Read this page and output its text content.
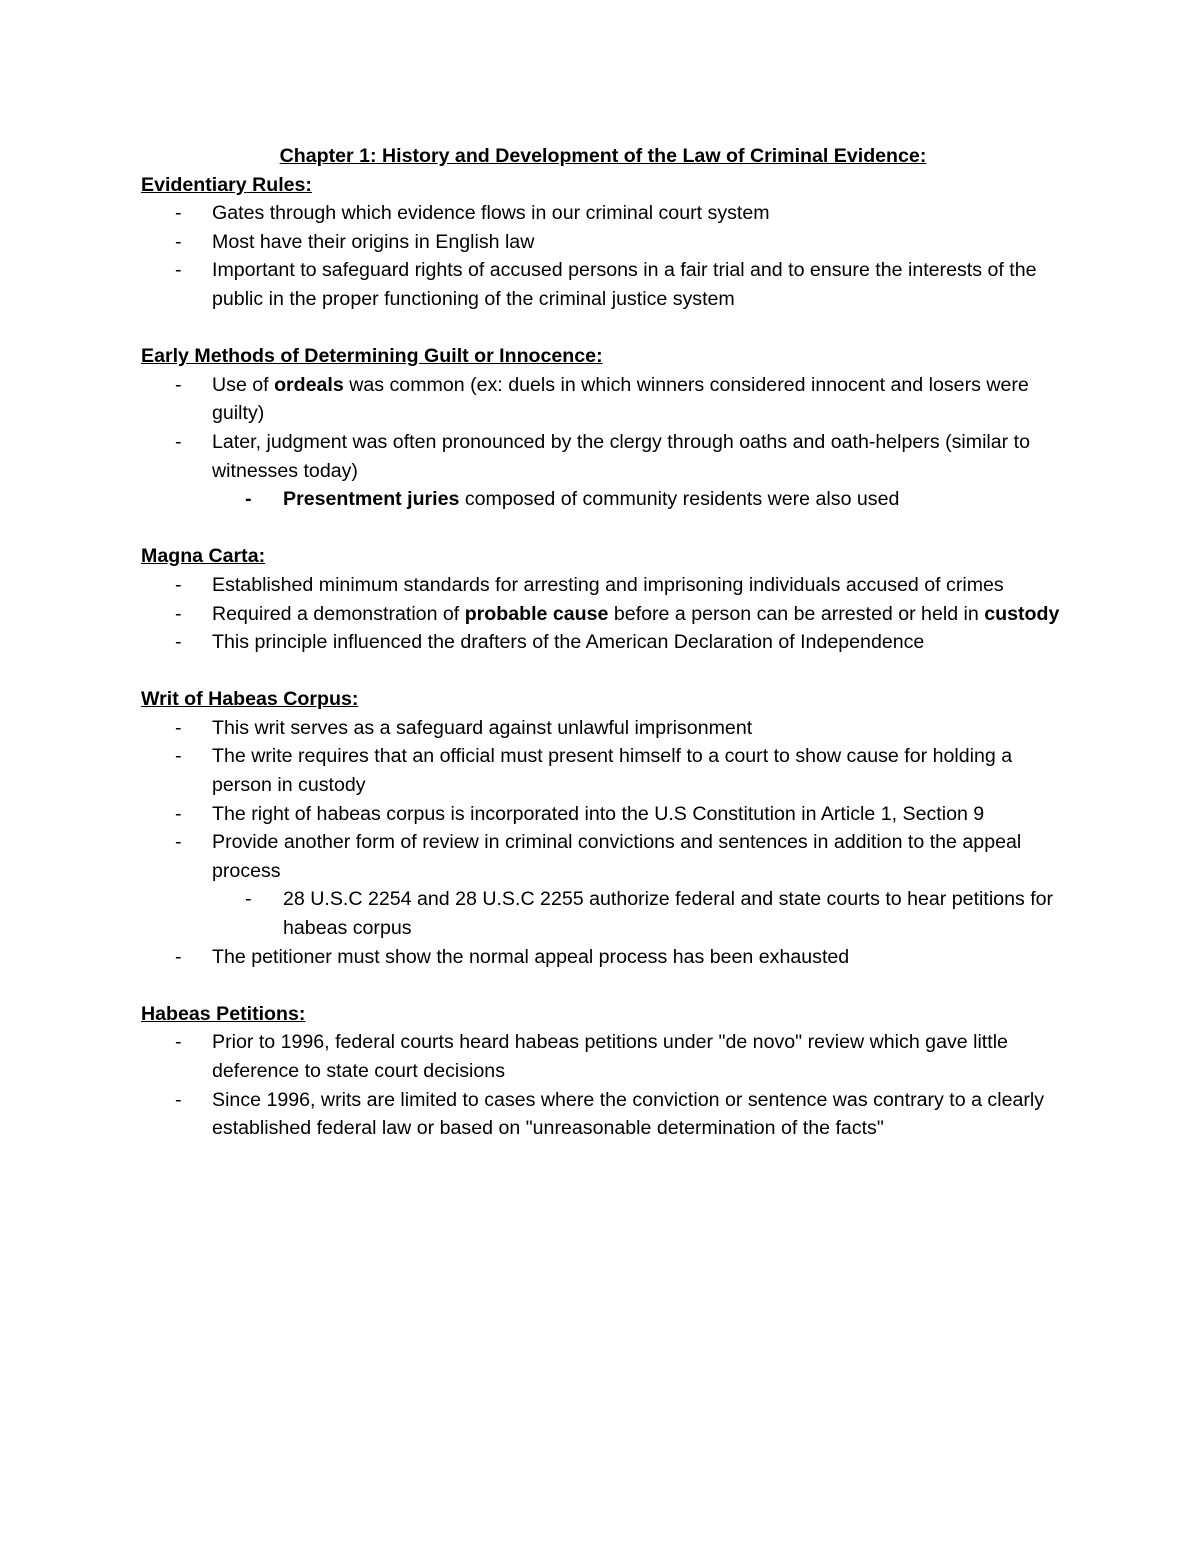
Chapter 1: History and Development of the Law of Criminal Evidence:

Evidentiary Rules:

- Gates through which evidence flows in our criminal court system
- Most have their origins in English law
- Important to safeguard rights of accused persons in a fair trial and to ensure the interests of the public in the proper functioning of the criminal justice system

Early Methods of Determining Guilt or Innocence:

- Use of ordeals was common (ex: duels in which winners considered innocent and losers were guilty)
- Later, judgment was often pronounced by the clergy through oaths and oath-helpers (similar to witnesses today)
- Presentment juries composed of community residents were also used

Magna Carta:

- Established minimum standards for arresting and imprisoning individuals accused of crimes
- Required a demonstration of probable cause before a person can be arrested or held in custody
- This principle influenced the drafters of the American Declaration of Independence

Writ of Habeas Corpus:

- This writ serves as a safeguard against unlawful imprisonment
- The write requires that an official must present himself to a court to show cause for holding a person in custody
- The right of habeas corpus is incorporated into the U.S Constitution in Article 1, Section 9
- Provide another form of review in criminal convictions and sentences in addition to the appeal process
- 28 U.S.C 2254 and 28 U.S.C 2255 authorize federal and state courts to hear petitions for habeas corpus
- The petitioner must show the normal appeal process has been exhausted

Habeas Petitions:

- Prior to 1996, federal courts heard habeas petitions under "de novo" review which gave little deference to state court decisions
- Since 1996, writs are limited to cases where the conviction or sentence was contrary to a clearly established federal law or based on "unreasonable determination of the facts"
